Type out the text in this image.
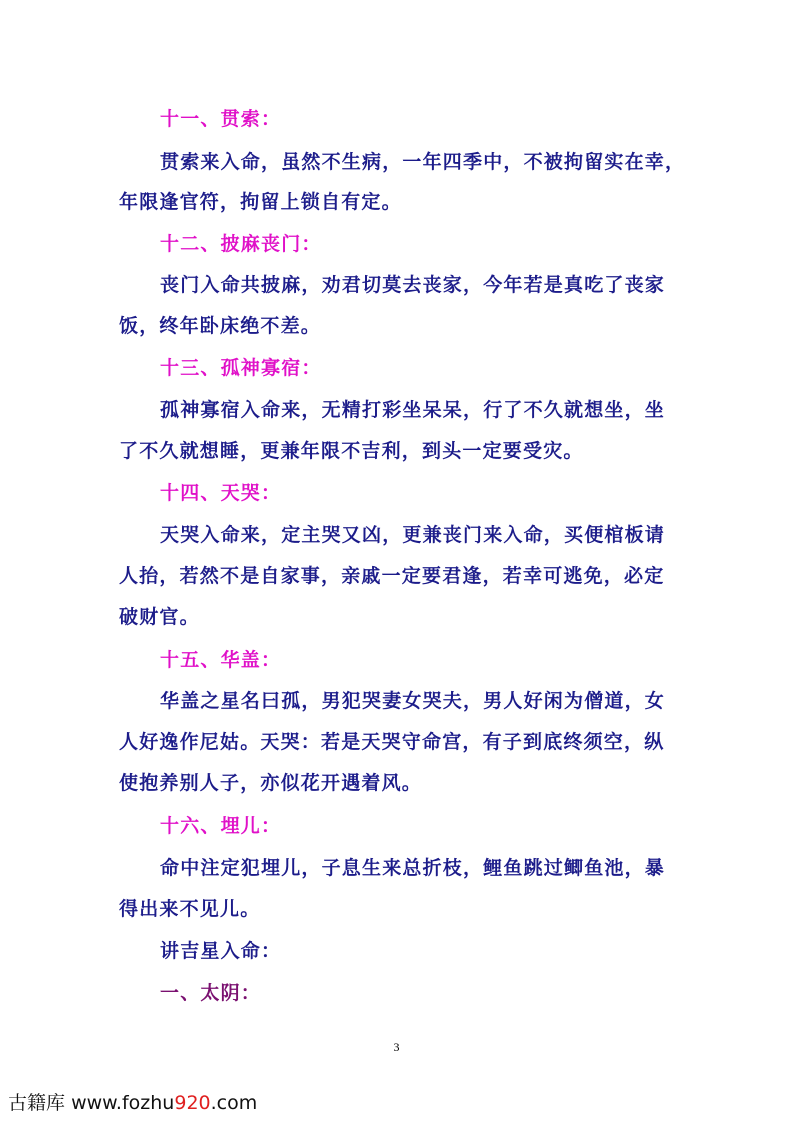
十一、贯索：
贯索来入命，虽然不生病，一年四季中，不被拘留实在幸，
年限逢官符，拘留上锁自有定。
十二、披麻丧门：
丧门入命共披麻，劝君切莫去丧家，今年若是真吃了丧家
饭，终年卧床绝不差。
十三、孤神寡宿：
孤神寡宿入命来，无精打彩坐呆呆，行了不久就想坐，坐
了不久就想睡，更兼年限不吉利，到头一定要受灾。
十四、天哭：
天哭入命来，定主哭又凶，更兼丧门来入命，买便棺板请
人抬，若然不是自家事，亲戚一定要君逢，若幸可逃免，必定
破财官。
十五、华盖：
华盖之星名曰孤，男犯哭妻女哭夫，男人好闲为僧道，女
人好逸作尼姑。天哭：若是天哭守命宫，有子到底终须空，纵
使抱养别人子，亦似花开遇着风。
十六、埋儿：
命中注定犯埋儿，子息生来总折枝，鲤鱼跳过鲫鱼池，暴
得出来不见儿。
讲吉星入命：
一、太阴：
3
古籍库 www.fozhu920.com
